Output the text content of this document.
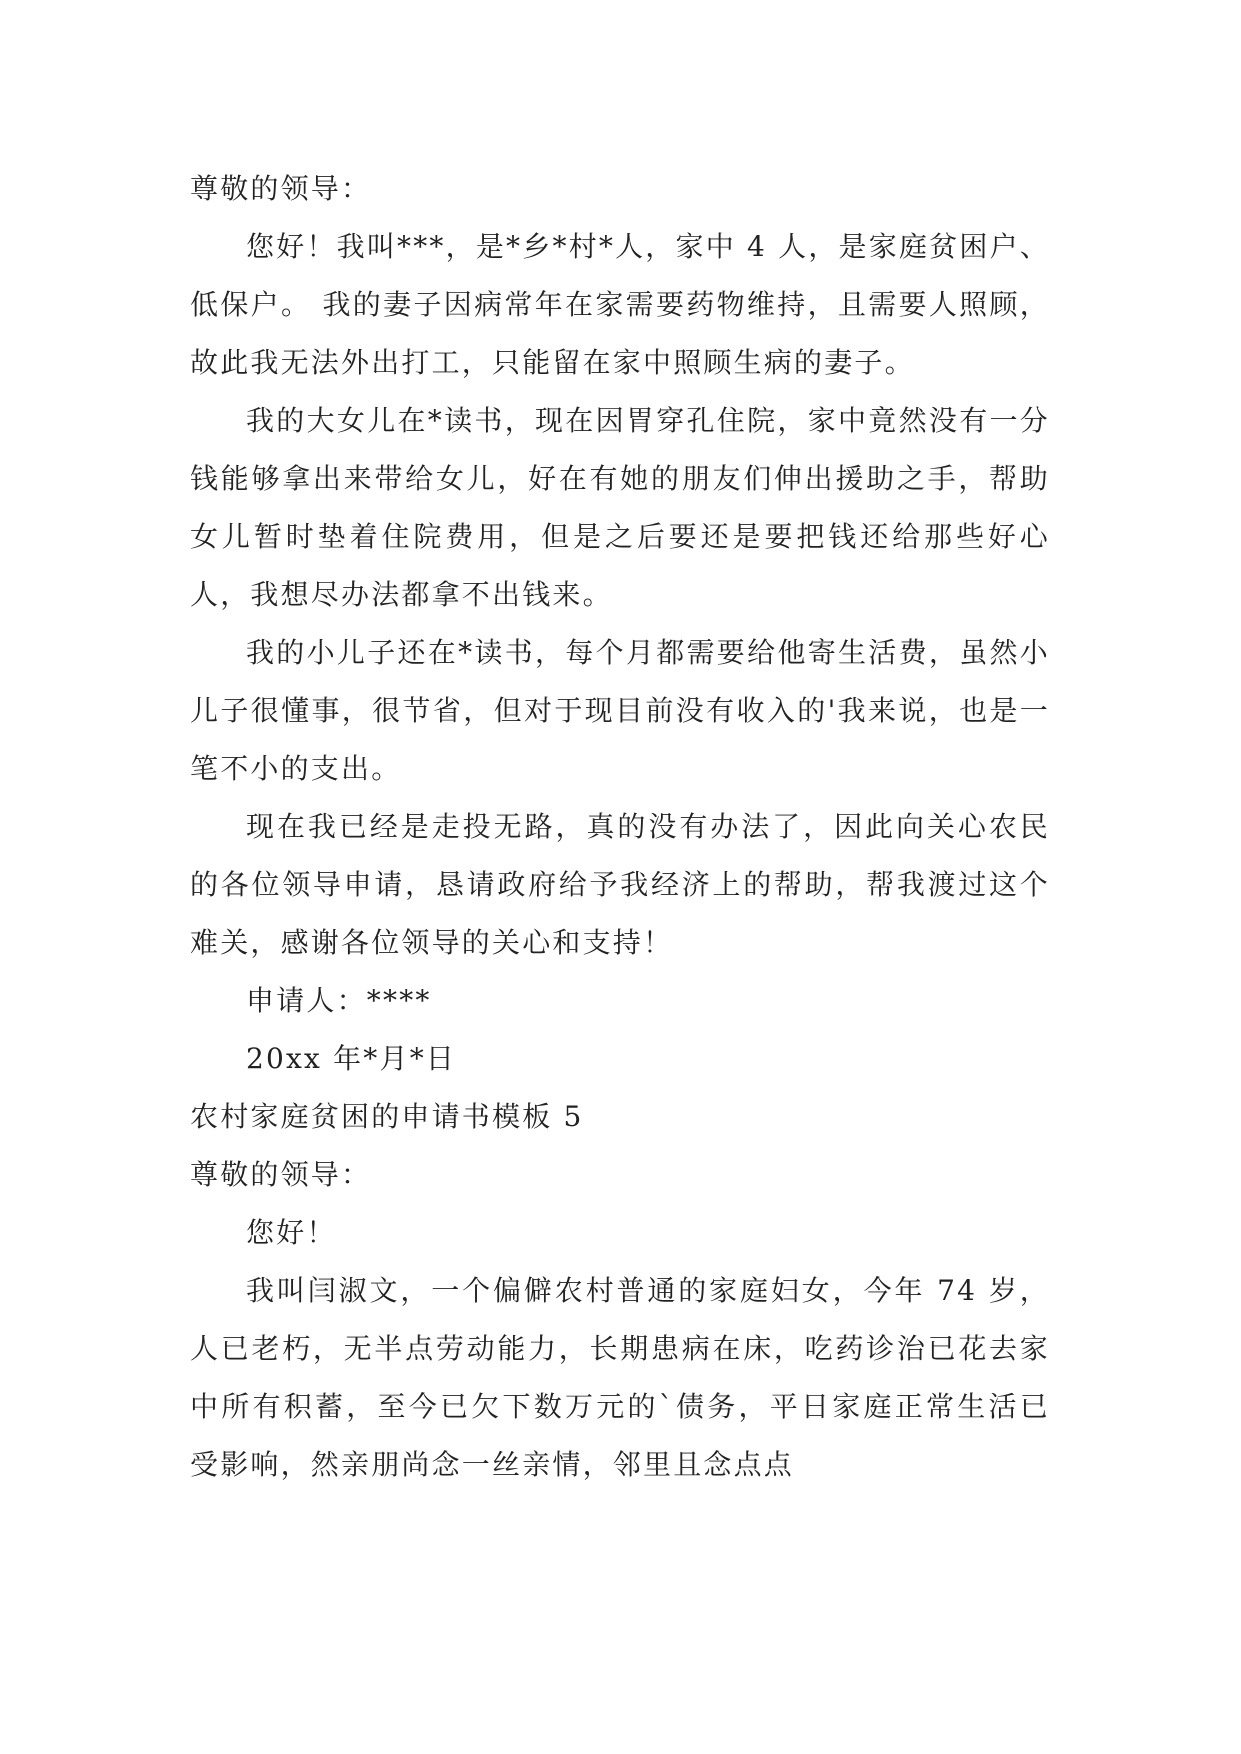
尊敬的领导：

您好！我叫***，是*乡*村*人，家中 4 人，是家庭贫困户、低保户。 我的妻子因病常年在家需要药物维持，且需要人照顾，故此我无法外出打工，只能留在家中照顾生病的妻子。

我的大女儿在*读书，现在因胃穿孔住院，家中竟然没有一分钱能够拿出来带给女儿，好在有她的朋友们伸出援助之手，帮助女儿暂时垫着住院费用，但是之后要还是要把钱还给那些好心人，我想尽办法都拿不出钱来。

我的小儿子还在*读书，每个月都需要给他寄生活费，虽然小儿子很懂事，很节省，但对于现目前没有收入的'我来说，也是一笔不小的支出。

现在我已经是走投无路，真的没有办法了，因此向关心农民的各位领导申请，恳请政府给予我经济上的帮助，帮我渡过这个难关，感谢各位领导的关心和支持！

申请人：****

20xx 年*月*日

农村家庭贫困的申请书模板 5

尊敬的领导：

您好！

我叫闫淑文，一个偏僻农村普通的家庭妇女，今年 74 岁，人已老朽，无半点劳动能力，长期患病在床，吃药诊治已花去家中所有积蓄，至今已欠下数万元的`债务，平日家庭正常生活已受影响，然亲朋尚念一丝亲情，邻里且念点点
